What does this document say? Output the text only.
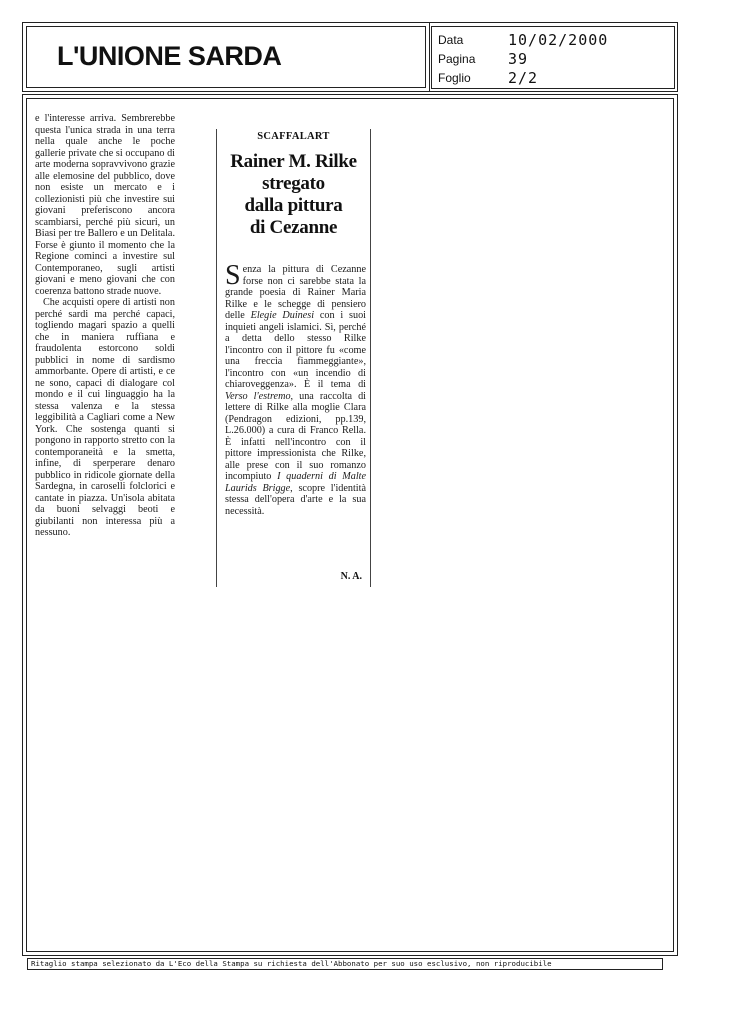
L'UNIONE SARDA
Data	10/02/2000
Pagina 39
Foglio 2/2

e l'interesse arriva. Sembrerebbe questa l'unica strada in una terra nella quale anche le poche gallerie private che si occupano di arte moderna sopravvivono grazie alle elemosine del pubblico, dove non esiste un mercato e i collezionisti più che investire sui giovani preferiscono ancora scambiarsi, perché più sicuri, un Biasi per tre Ballero e un Delitala. Forse è giunto il momento che la Regione cominci a investire sul Contemporaneo, sugli artisti giovani e meno giovani che con coerenza battono strade nuove.

Che acquisti opere di artisti non perché sardi ma perché capaci, togliendo magari spazio a quelli che in maniera ruffiana e fraudolenta estorcono soldi pubblici in nome di sardismo ammorbante. Opere di artisti, e ce ne sono, capaci di dialogare col mondo e il cui linguaggio ha la stessa valenza e la stessa leggibilità a Cagliari come a New York. Che sostenga quanti si pongono in rapporto stretto con la contemporaneità e la smetta, infine, di sperperare denaro pubblico in ridicole giornate della Sardegna, in caroselli folclorici e cantate in piazza. Un'isola abitata da buoni selvaggi beoti e giubilanti non interessa più a nessuno.

SCAFFALART
Rainer M. Rilke
stregato
dalla pittura
di Cezanne
Senza la pittura di Cezanne forse non ci sarebbe stata la grande poesia di Rainer Maria Rilke e le schegge di pensiero delle Elegie Duinesi con i suoi inquieti angeli islamici. Sì, perché a detta dello stesso Rilke l'incontro con il pittore fu «come una freccia fiammeggiante», l'incontro con «un incendio di chiaroveggenza». È il tema di Verso l'estremo, una raccolta di lettere di Rilke alla moglie Clara (Pendragon edizioni, pp.139, L.26.000) a cura di Franco Rella. È infatti nell'incontro con il pittore impressionista che Rilke, alle prese con il suo romanzo incompiuto I quaderni di Malte Laurids Brigge, scopre l'identità stessa dell'opera d'arte e la sua necessità.
N. A.
Ritaglio stampa selezionato da L'Eco della Stampa su richiesta dell'Abbonato per suo uso esclusivo, non riproducibile
